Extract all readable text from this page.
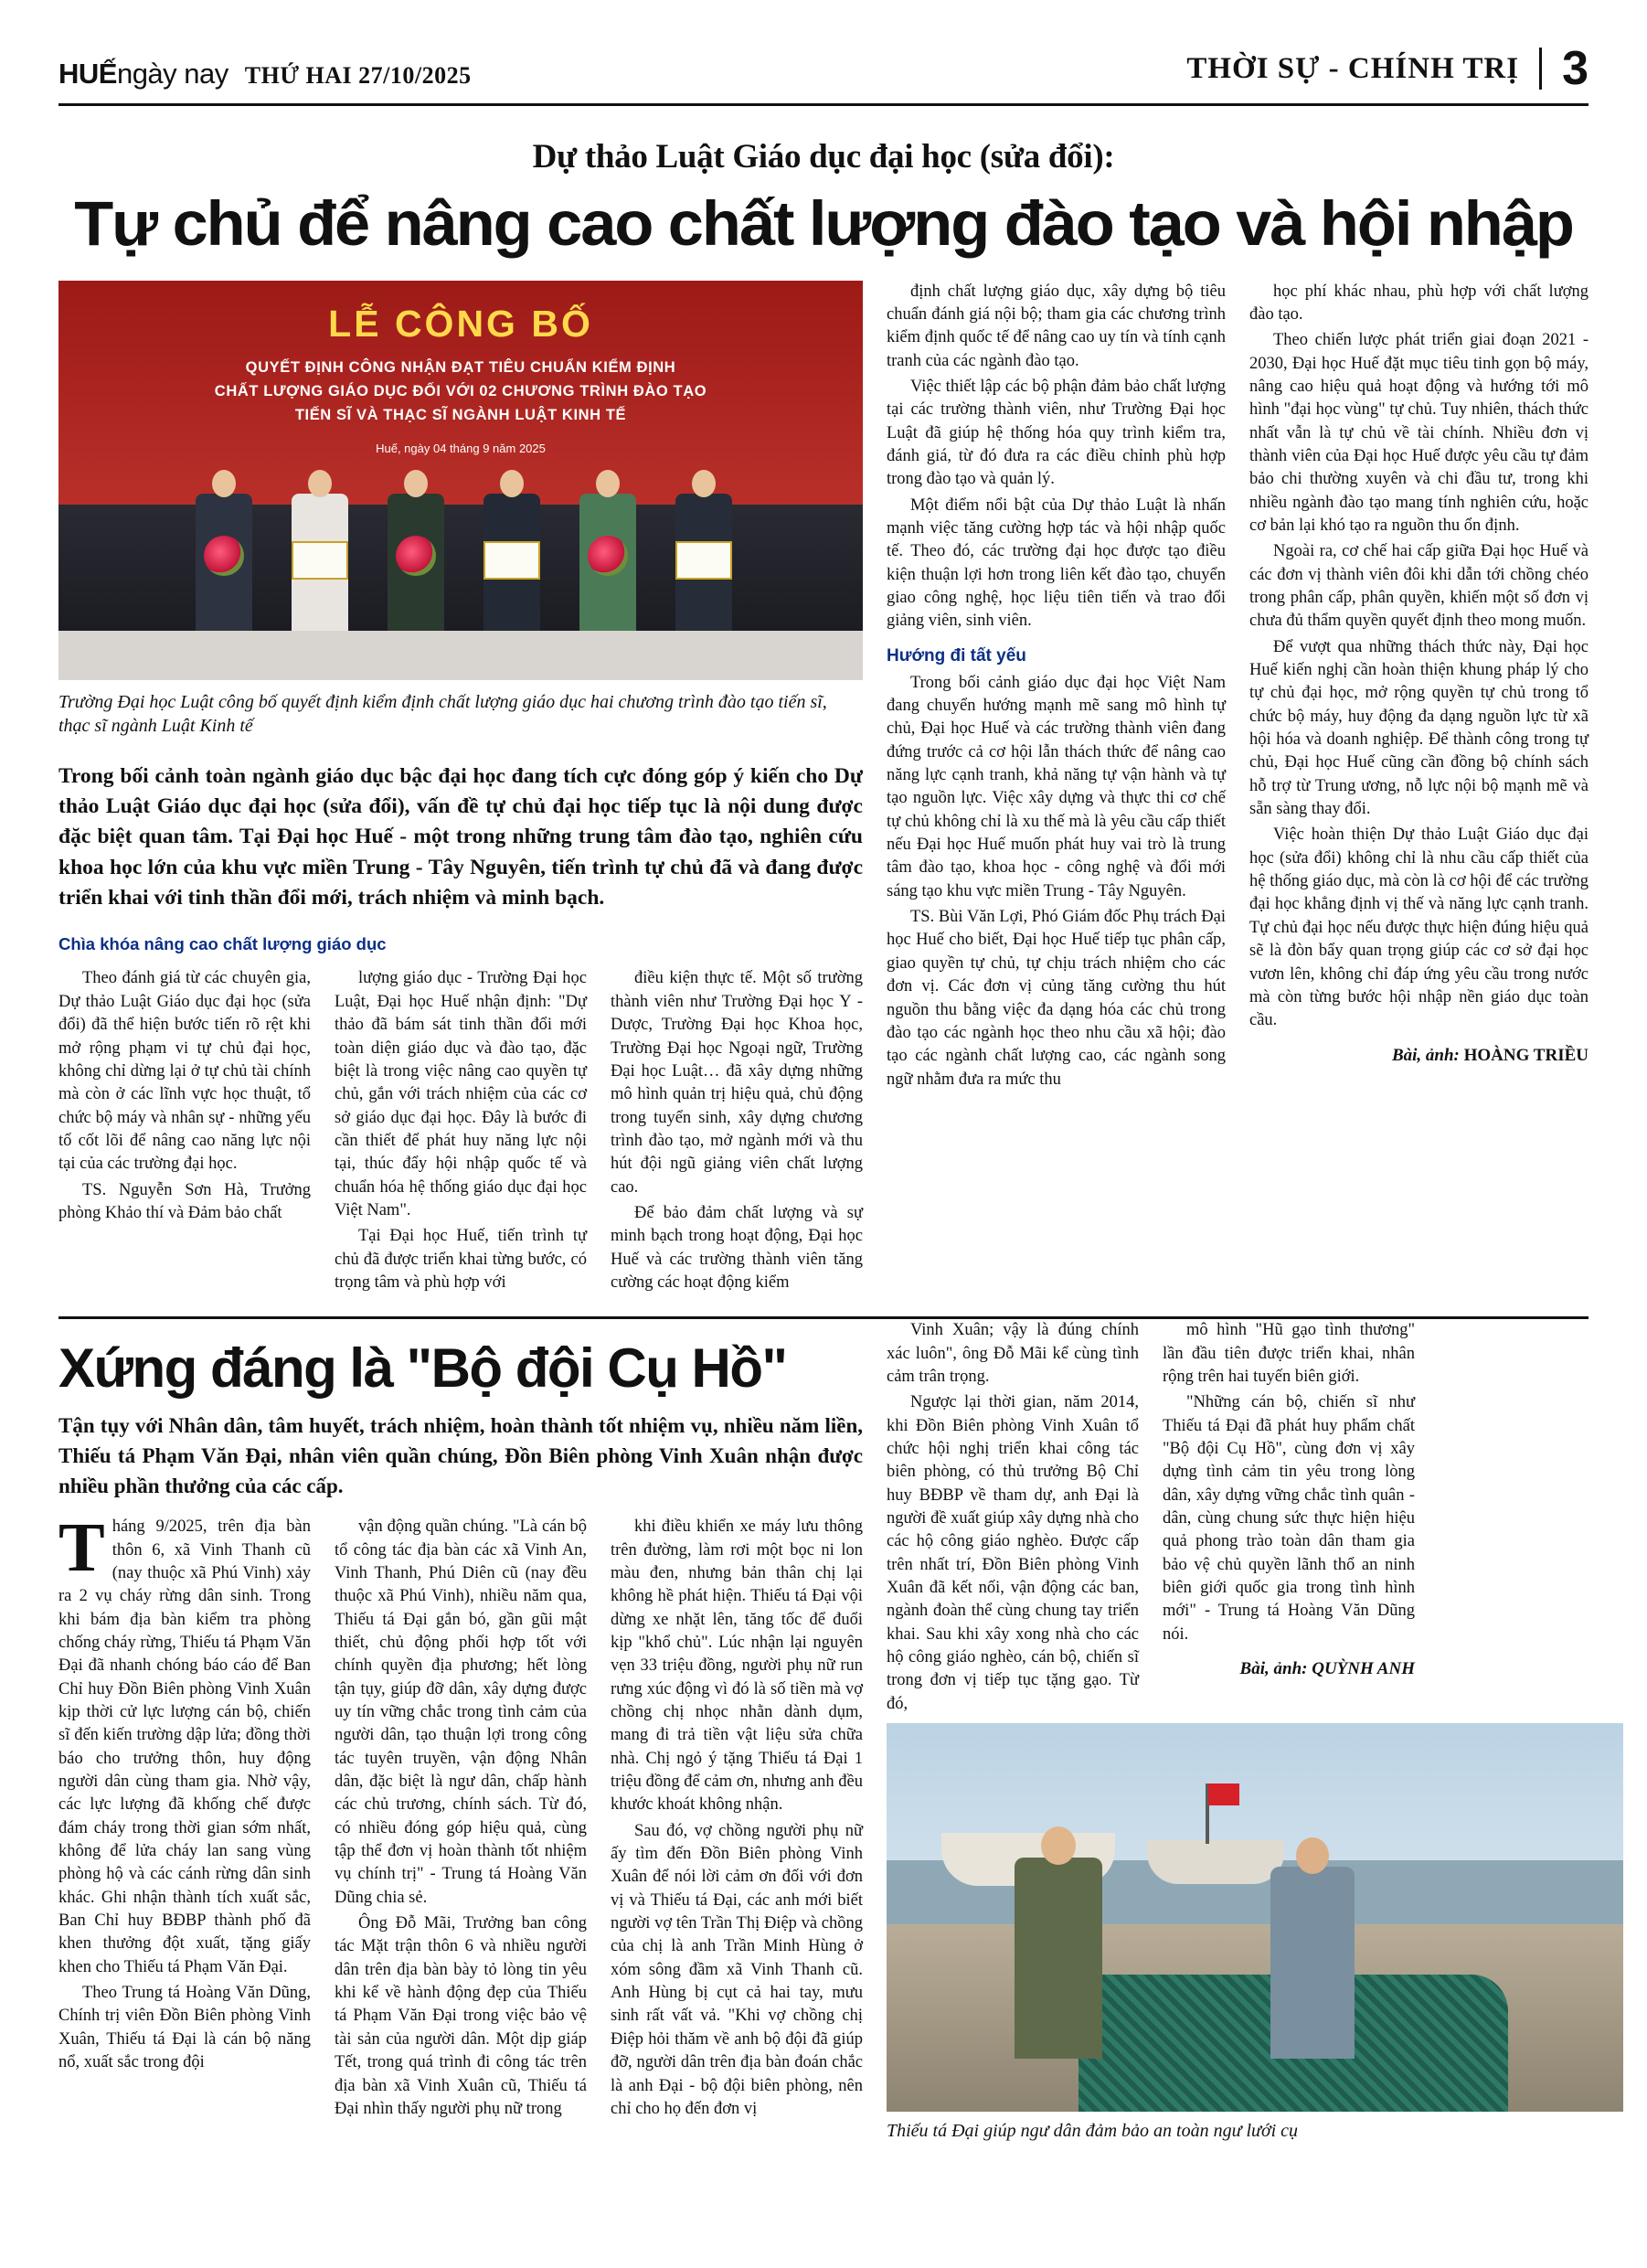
HUẾngày nay THỨ HAI 27/10/2025	THỜI SỰ - CHÍNH TRỊ 3
Dự thảo Luật Giáo dục đại học (sửa đổi):
Tự chủ để nâng cao chất lượng đào tạo và hội nhập
LỄ CÔNG BỐ
QUYẾT ĐỊNH CÔNG NHẬN ĐẠT TIÊU CHUẨN KIỂM ĐỊNH
CHẤT LƯỢNG GIÁO DỤC ĐỐI VỚI 02 CHƯƠNG TRÌNH ĐÀO TẠO
TIẾN SĨ VÀ THẠC SĨ NGÀNH LUẬT KINH TẾ
Huế, ngày 04 tháng 9 năm 2025
Trường Đại học Luật công bố quyết định kiểm định chất lượng giáo dục hai chương trình đào tạo tiến sĩ, thạc sĩ ngành Luật Kinh tế
Trong bối cảnh toàn ngành giáo dục bậc đại học đang tích cực đóng góp ý kiến cho Dự thảo Luật Giáo dục đại học (sửa đổi), vấn đề tự chủ đại học tiếp tục là nội dung được đặc biệt quan tâm. Tại Đại học Huế - một trong những trung tâm đào tạo, nghiên cứu khoa học lớn của khu vực miền Trung - Tây Nguyên, tiến trình tự chủ đã và đang được triển khai với tinh thần đổi mới, trách nhiệm và minh bạch.
Chìa khóa nâng cao chất lượng giáo dục

Theo đánh giá từ các chuyên gia, Dự thảo Luật Giáo dục đại học (sửa đổi) đã thể hiện bước tiến rõ rệt khi mở rộng phạm vi tự chủ đại học, không chỉ dừng lại ở tự chủ tài chính mà còn ở các lĩnh vực học thuật, tổ chức bộ máy và nhân sự - những yếu tố cốt lõi để nâng cao năng lực nội tại của các trường đại học.

TS. Nguyễn Sơn Hà, Trưởng phòng Khảo thí và Đảm bảo chất

lượng giáo dục - Trường Đại học Luật, Đại học Huế nhận định: "Dự thảo đã bám sát tinh thần đổi mới toàn diện giáo dục và đào tạo, đặc biệt là trong việc nâng cao quyền tự chủ, gắn với trách nhiệm của các cơ sở giáo dục đại học. Đây là bước đi cần thiết để phát huy năng lực nội tại, thúc đẩy hội nhập quốc tế và chuẩn hóa hệ thống giáo dục đại học Việt Nam".

Tại Đại học Huế, tiến trình tự chủ đã được triển khai từng bước, có trọng tâm và phù hợp với

điều kiện thực tế. Một số trường thành viên như Trường Đại học Y - Dược, Trường Đại học Khoa học, Trường Đại học Ngoại ngữ, Trường Đại học Luật… đã xây dựng những mô hình quản trị hiệu quả, chủ động trong tuyển sinh, xây dựng chương trình đào tạo, mở ngành mới và thu hút đội ngũ giảng viên chất lượng cao.

Để bảo đảm chất lượng và sự minh bạch trong hoạt động, Đại học Huế và các trường thành viên tăng cường các hoạt động kiểm

định chất lượng giáo dục, xây dựng bộ tiêu chuẩn đánh giá nội bộ; tham gia các chương trình kiểm định quốc tế để nâng cao uy tín và tính cạnh tranh của các ngành đào tạo.

Việc thiết lập các bộ phận đảm bảo chất lượng tại các trường thành viên, như Trường Đại học Luật đã giúp hệ thống hóa quy trình kiểm tra, đánh giá, từ đó đưa ra các điều chỉnh phù hợp trong đào tạo và quản lý.

Một điểm nổi bật của Dự thảo Luật là nhấn mạnh việc tăng cường hợp tác và hội nhập quốc tế. Theo đó, các trường đại học được tạo điều kiện thuận lợi hơn trong liên kết đào tạo, chuyển giao công nghệ, học liệu tiên tiến và trao đổi giảng viên, sinh viên.

Hướng đi tất yếu

Trong bối cảnh giáo dục đại học Việt Nam đang chuyển hướng mạnh mẽ sang mô hình tự chủ, Đại học Huế và các trường thành viên đang đứng trước cả cơ hội lẫn thách thức để nâng cao năng lực cạnh tranh, khả năng tự vận hành và tự tạo nguồn lực. Việc xây dựng và thực thi cơ chế tự chủ không chỉ là xu thế mà là yêu cầu cấp thiết nếu Đại học Huế muốn phát huy vai trò là trung tâm đào tạo, khoa học - công nghệ và đổi mới sáng tạo khu vực miền Trung - Tây Nguyên.

TS. Bùi Văn Lợi, Phó Giám đốc Phụ trách Đại học Huế cho biết, Đại học Huế tiếp tục phân cấp, giao quyền tự chủ, tự chịu trách nhiệm cho các đơn vị. Các đơn vị củng tăng cường thu hút nguồn thu bằng việc đa dạng hóa các chủ trong đào tạo các ngành học theo nhu cầu xã hội; đào tạo các ngành chất lượng cao, các ngành song ngữ nhằm đưa ra mức thu

học phí khác nhau, phù hợp với chất lượng đào tạo.

Theo chiến lược phát triển giai đoạn 2021 - 2030, Đại học Huế đặt mục tiêu tinh gọn bộ máy, nâng cao hiệu quả hoạt động và hướng tới mô hình "đại học vùng" tự chủ. Tuy nhiên, thách thức nhất vẫn là tự chủ về tài chính. Nhiều đơn vị thành viên của Đại học Huế được yêu cầu tự đảm bảo chi thường xuyên và chi đầu tư, trong khi nhiều ngành đào tạo mang tính nghiên cứu, hoặc cơ bản lại khó tạo ra nguồn thu ổn định.

Ngoài ra, cơ chế hai cấp giữa Đại học Huế và các đơn vị thành viên đôi khi dẫn tới chồng chéo trong phân cấp, phân quyền, khiến một số đơn vị chưa đủ thẩm quyền quyết định theo mong muốn.

Để vượt qua những thách thức này, Đại học Huế kiến nghị cần hoàn thiện khung pháp lý cho tự chủ đại học, mở rộng quyền tự chủ trong tổ chức bộ máy, huy động đa dạng nguồn lực từ xã hội hóa và doanh nghiệp. Để thành công trong tự chủ, Đại học Huế cũng cần đồng bộ chính sách hỗ trợ từ Trung ương, nỗ lực nội bộ mạnh mẽ và sẵn sàng thay đổi.

Việc hoàn thiện Dự thảo Luật Giáo dục đại học (sửa đổi) không chỉ là nhu cầu cấp thiết của hệ thống giáo dục, mà còn là cơ hội để các trường đại học khẳng định vị thế và năng lực cạnh tranh. Tự chủ đại học nếu được thực hiện đúng hiệu quả sẽ là đòn bẩy quan trọng giúp các cơ sở đại học vươn lên, không chỉ đáp ứng yêu cầu trong nước mà còn từng bước hội nhập nền giáo dục toàn cầu.

Bài, ảnh: HOÀNG TRIỀU
Xứng đáng là "Bộ đội Cụ Hồ"
Tận tụy với Nhân dân, tâm huyết, trách nhiệm, hoàn thành tốt nhiệm vụ, nhiều năm liền, Thiếu tá Phạm Văn Đại, nhân viên quần chúng, Đồn Biên phòng Vinh Xuân nhận được nhiều phần thưởng của các cấp.

Tháng 9/2025, trên địa bàn thôn 6, xã Vinh Thanh cũ (nay thuộc xã Phú Vinh) xảy ra 2 vụ cháy rừng dân sinh. Trong khi bám địa bàn kiểm tra phòng chống cháy rừng, Thiếu tá Phạm Văn Đại đã nhanh chóng báo cáo để Ban Chỉ huy Đồn Biên phòng Vinh Xuân kịp thời cử lực lượng cán bộ, chiến sĩ đến kiến trường dập lửa; đồng thời báo cho trưởng thôn, huy động người dân cùng tham gia. Nhờ vậy, các lực lượng đã khống chế được đám cháy trong thời gian sớm nhất, không để lửa cháy lan sang vùng phòng hộ và các cánh rừng dân sinh khác. Ghi nhận thành tích xuất sắc, Ban Chỉ huy BĐBP thành phố đã khen thưởng đột xuất, tặng giấy khen cho Thiếu tá Phạm Văn Đại.

Theo Trung tá Hoàng Văn Dũng, Chính trị viên Đồn Biên phòng Vinh Xuân, Thiếu tá Đại là cán bộ năng nổ, xuất sắc trong đội

vận động quần chúng. "Là cán bộ tổ công tác địa bàn các xã Vinh An, Vinh Thanh, Phú Diên cũ (nay đều thuộc xã Phú Vinh), nhiều năm qua, Thiếu tá Đại gắn bó, gần gũi mật thiết, chủ động phối hợp tốt với chính quyền địa phương; hết lòng tận tụy, giúp đỡ dân, xây dựng được uy tín vững chắc trong tình cảm của người dân, tạo thuận lợi trong công tác tuyên truyền, vận động Nhân dân, đặc biệt là ngư dân, chấp hành các chủ trương, chính sách. Từ đó, có nhiều đóng góp hiệu quả, cùng tập thể đơn vị hoàn thành tốt nhiệm vụ chính trị" - Trung tá Hoàng Văn Dũng chia sẻ.

Ông Đỗ Mãi, Trưởng ban công tác Mặt trận thôn 6 và nhiều người dân trên địa bàn bày tỏ lòng tin yêu khi kể về hành động đẹp của Thiếu tá Phạm Văn Đại trong việc bảo vệ tài sản của người dân. Một dịp giáp Tết, trong quá trình đi công tác trên địa bàn xã Vinh Xuân cũ, Thiếu tá Đại nhìn thấy người phụ nữ trong

khi điều khiển xe máy lưu thông trên đường, làm rơi một bọc ni lon màu đen, nhưng bản thân chị lại không hề phát hiện. Thiếu tá Đại vội dừng xe nhặt lên, tăng tốc để đuổi kịp "khổ chủ". Lúc nhận lại nguyên vẹn 33 triệu đồng, người phụ nữ run rưng xúc động vì đó là số tiền mà vợ chồng chị nhọc nhằn dành dụm, mang đi trả tiền vật liệu sửa chữa nhà. Chị ngỏ ý tặng Thiếu tá Đại 1 triệu đồng để cảm ơn, nhưng anh đều khước khoát không nhận.

Sau đó, vợ chồng người phụ nữ ấy tìm đến Đồn Biên phòng Vinh Xuân để nói lời cảm ơn đối với đơn vị và Thiếu tá Đại, các anh mới biết người vợ tên Trần Thị Điệp và chồng của chị là anh Trần Minh Hùng ở xóm sông đầm xã Vinh Thanh cũ. Anh Hùng bị cụt cả hai tay, mưu sinh rất vất vả. "Khi vợ chồng chị Điệp hỏi thăm về anh bộ đội đã giúp đỡ, người dân trên địa bàn đoán chắc là anh Đại - bộ đội biên phòng, nên chỉ cho họ đến đơn vị

Vinh Xuân; vậy là đúng chính xác luôn", ông Đỗ Mãi kể cùng tình cảm trân trọng.

Ngược lại thời gian, năm 2014, khi Đồn Biên phòng Vinh Xuân tổ chức hội nghị triển khai công tác biên phòng, có thủ trưởng Bộ Chỉ huy BĐBP về tham dự, anh Đại là người đề xuất giúp xây dựng nhà cho các hộ công giáo nghèo. Được cấp trên nhất trí, Đồn Biên phòng Vinh Xuân đã kết nối, vận động các ban, ngành đoàn thể cùng chung tay triển khai. Sau khi xây xong nhà cho các hộ công giáo nghèo, cán bộ, chiến sĩ trong đơn vị tiếp tục tặng gạo. Từ đó,

mô hình "Hũ gạo tình thương" lần đầu tiên được triển khai, nhân rộng trên hai tuyến biên giới.

"Những cán bộ, chiến sĩ như Thiếu tá Đại đã phát huy phẩm chất "Bộ đội Cụ Hồ", cùng đơn vị xây dựng tình cảm tin yêu trong lòng dân, xây dựng vững chắc tình quân - dân, cùng chung sức thực hiện hiệu quả phong trào toàn dân tham gia bảo vệ chủ quyền lãnh thổ an ninh biên giới quốc gia trong tình hình mới" - Trung tá Hoàng Văn Dũng nói.

Bài, ảnh: QUỲNH ANH
Thiếu tá Đại giúp ngư dân đảm bảo an toàn ngư lưới cụ
